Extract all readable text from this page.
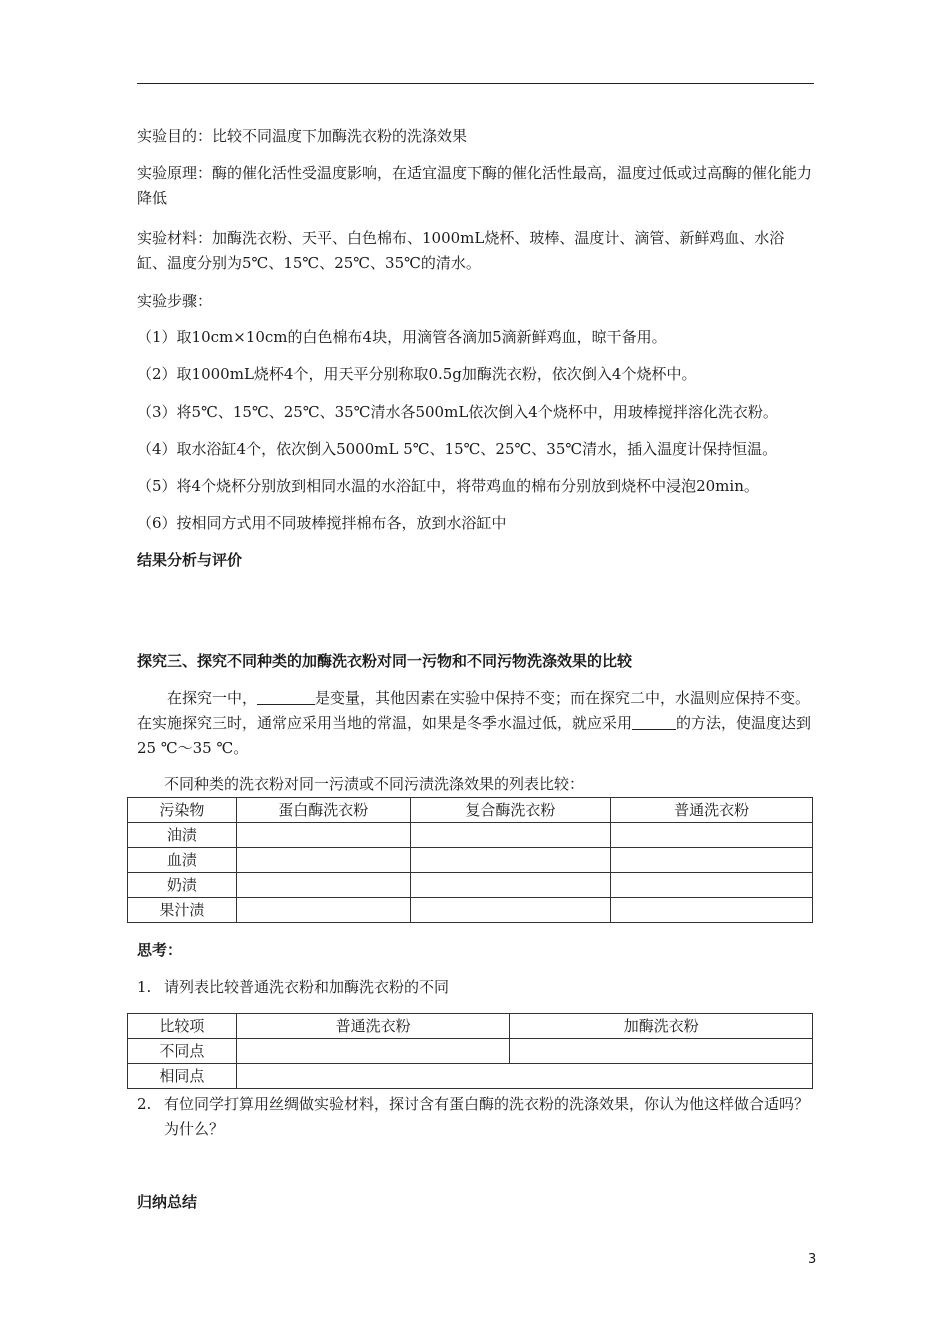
实验目的：比较不同温度下加酶洗衣粉的洗涤效果
实验原理：酶的催化活性受温度影响，在适宜温度下酶的催化活性最高，温度过低或过高酶的催化能力降低
实验材料：加酶洗衣粉、天平、白色棉布、1000mL烧杯、玻棒、温度计、滴管、新鲜鸡血、水浴缸、温度分别为5℃、15℃、25℃、35℃的清水。
实验步骤：
（1）取10cm×10cm的白色棉布4块，用滴管各滴加5滴新鲜鸡血，晾干备用。
（2）取1000mL烧杯4个，用天平分别称取0.5g加酶洗衣粉，依次倒入4个烧杯中。
（3）将5℃、15℃、25℃、35℃清水各500mL依次倒入4个烧杯中，用玻棒搅拌溶化洗衣粉。
（4）取水浴缸4个，依次倒入5000mL 5℃、15℃、25℃、35℃清水，插入温度计保持恒温。
（5）将4个烧杯分别放到相同水温的水浴缸中，将带鸡血的棉布分别放到烧杯中浸泡20min。
（6）按相同方式用不同玻棒搅拌棉布各，放到水浴缸中
结果分析与评价
探究三、探究不同种类的加酶洗衣粉对同一污物和不同污物洗涤效果的比较
在探究一中，	是变量，其他因素在实验中保持不变；而在探究二中，水温则应保持不变。在实施探究三时，通常应采用当地的常温，如果是冬季水温过低，就应采用	的方法，使温度达到25 ℃～35 ℃。
不同种类的洗衣粉对同一污渍或不同污渍洗涤效果的列表比较：
污染物	蛋白酶洗衣粉	复合酶洗衣粉	普通洗衣粉
油渍			
血渍			
奶渍			
果汁渍			
思考：
1. 请列表比较普通洗衣粉和加酶洗衣粉的不同
比较项	普通洗衣粉	加酶洗衣粉
不同点		
相同点		
2. 有位同学打算用丝绸做实验材料，探讨含有蛋白酶的洗衣粉的洗涤效果，你认为他这样做合适吗？为什么？
归纳总结
3
